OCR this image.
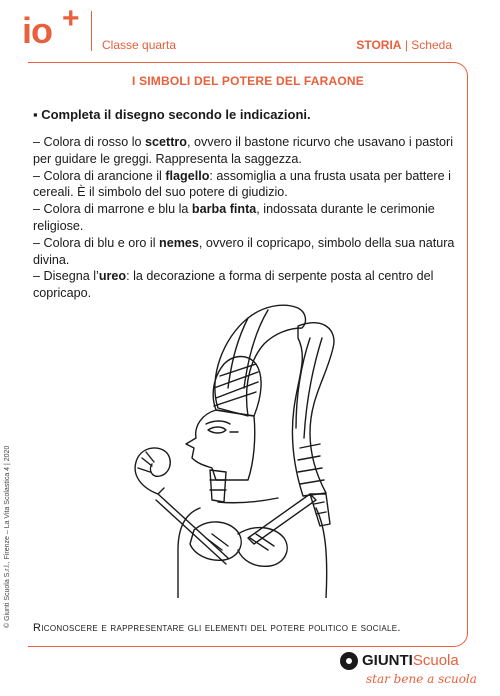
io +
Classe quarta	STORIA | Scheda
I SIMBOLI DEL POTERE DEL FARAONE
▪ Completa il disegno secondo le indicazioni.

– Colora di rosso lo scettro, ovvero il bastone ricurvo che usavano i pastori per guidare le greggi. Rappresenta la saggezza.

– Colora di arancione il flagello: assomiglia a una frusta usata per battere i cereali. È il simbolo del suo potere di giudizio.

– Colora di marrone e blu la barba finta, indossata durante le cerimonie religiose.

– Colora di blu e oro il nemes, ovvero il copricapo, simbolo della sua natura divina.

– Disegna l’ureo: la decorazione a forma di serpente posta al centro del copricapo.

Riconoscere e rappresentare gli elementi del potere politico e sociale.
© Giunti Scuola S.r.l., Firenze – La Vita Scolastica 4 | 2020
GIUNTIScuola
star bene a scuola
